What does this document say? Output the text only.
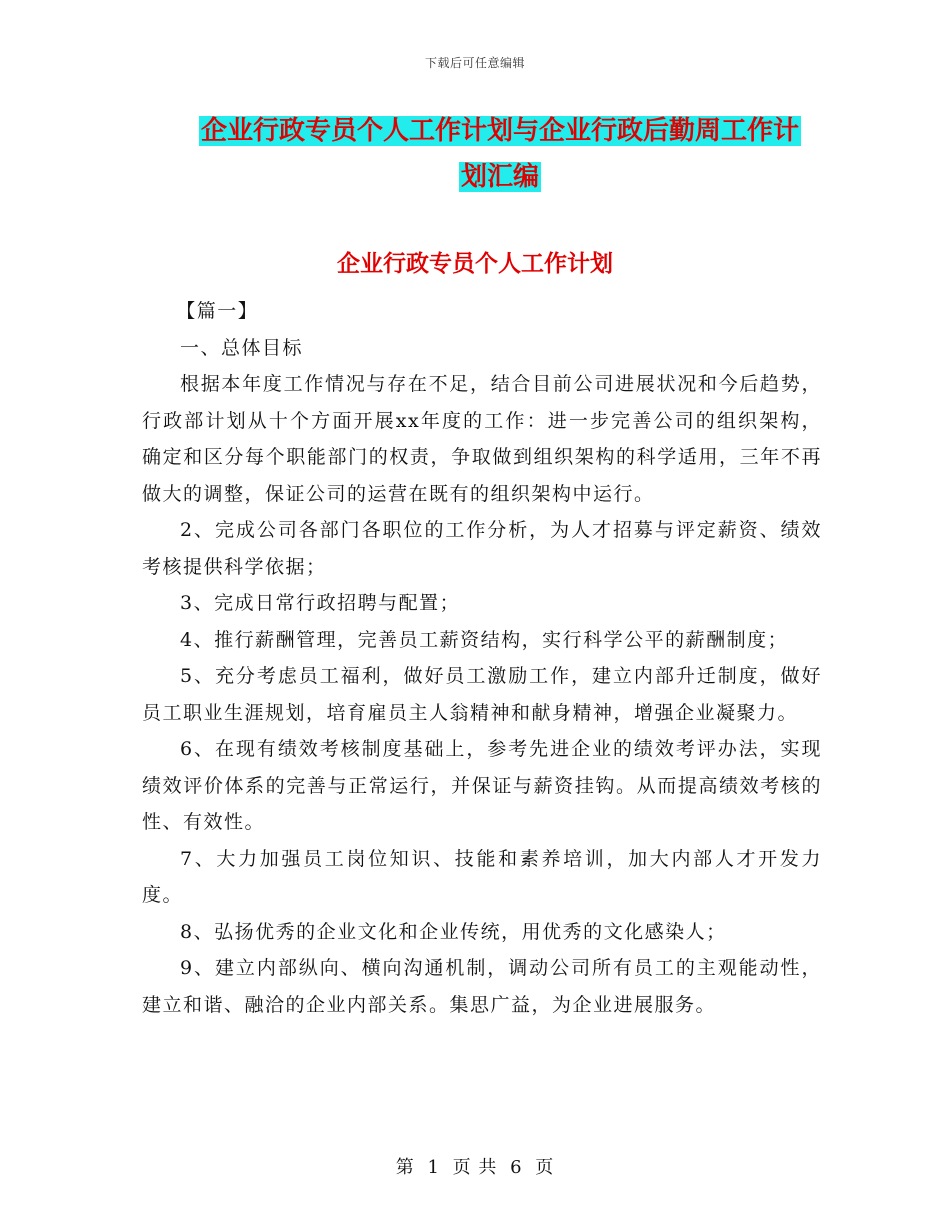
下载后可任意编辑
企业行政专员个人工作计划与企业行政后勤周工作计
划汇编
企业行政专员个人工作计划

【篇一】

一、总体目标

根据本年度工作情况与存在不足，结合目前公司进展状况和今后趋势，行政部计划从十个方面开展xx年度的工作：进一步完善公司的组织架构，确定和区分每个职能部门的权责，争取做到组织架构的科学适用，三年不再做大的调整，保证公司的运营在既有的组织架构中运行。

2、完成公司各部门各职位的工作分析，为人才招募与评定薪资、绩效考核提供科学依据；

3、完成日常行政招聘与配置；

4、推行薪酬管理，完善员工薪资结构，实行科学公平的薪酬制度；

5、充分考虑员工福利，做好员工激励工作，建立内部升迁制度，做好员工职业生涯规划，培育雇员主人翁精神和献身精神，增强企业凝聚力。

6、在现有绩效考核制度基础上，参考先进企业的绩效考评办法，实现绩效评价体系的完善与正常运行，并保证与薪资挂钩。从而提高绩效考核的性、有效性。

7、大力加强员工岗位知识、技能和素养培训，加大内部人才开发力度。

8、弘扬优秀的企业文化和企业传统，用优秀的文化感染人；

9、建立内部纵向、横向沟通机制，调动公司所有员工的主观能动性，建立和谐、融洽的企业内部关系。集思广益，为企业进展服务。

第 1 页 共 6 页
